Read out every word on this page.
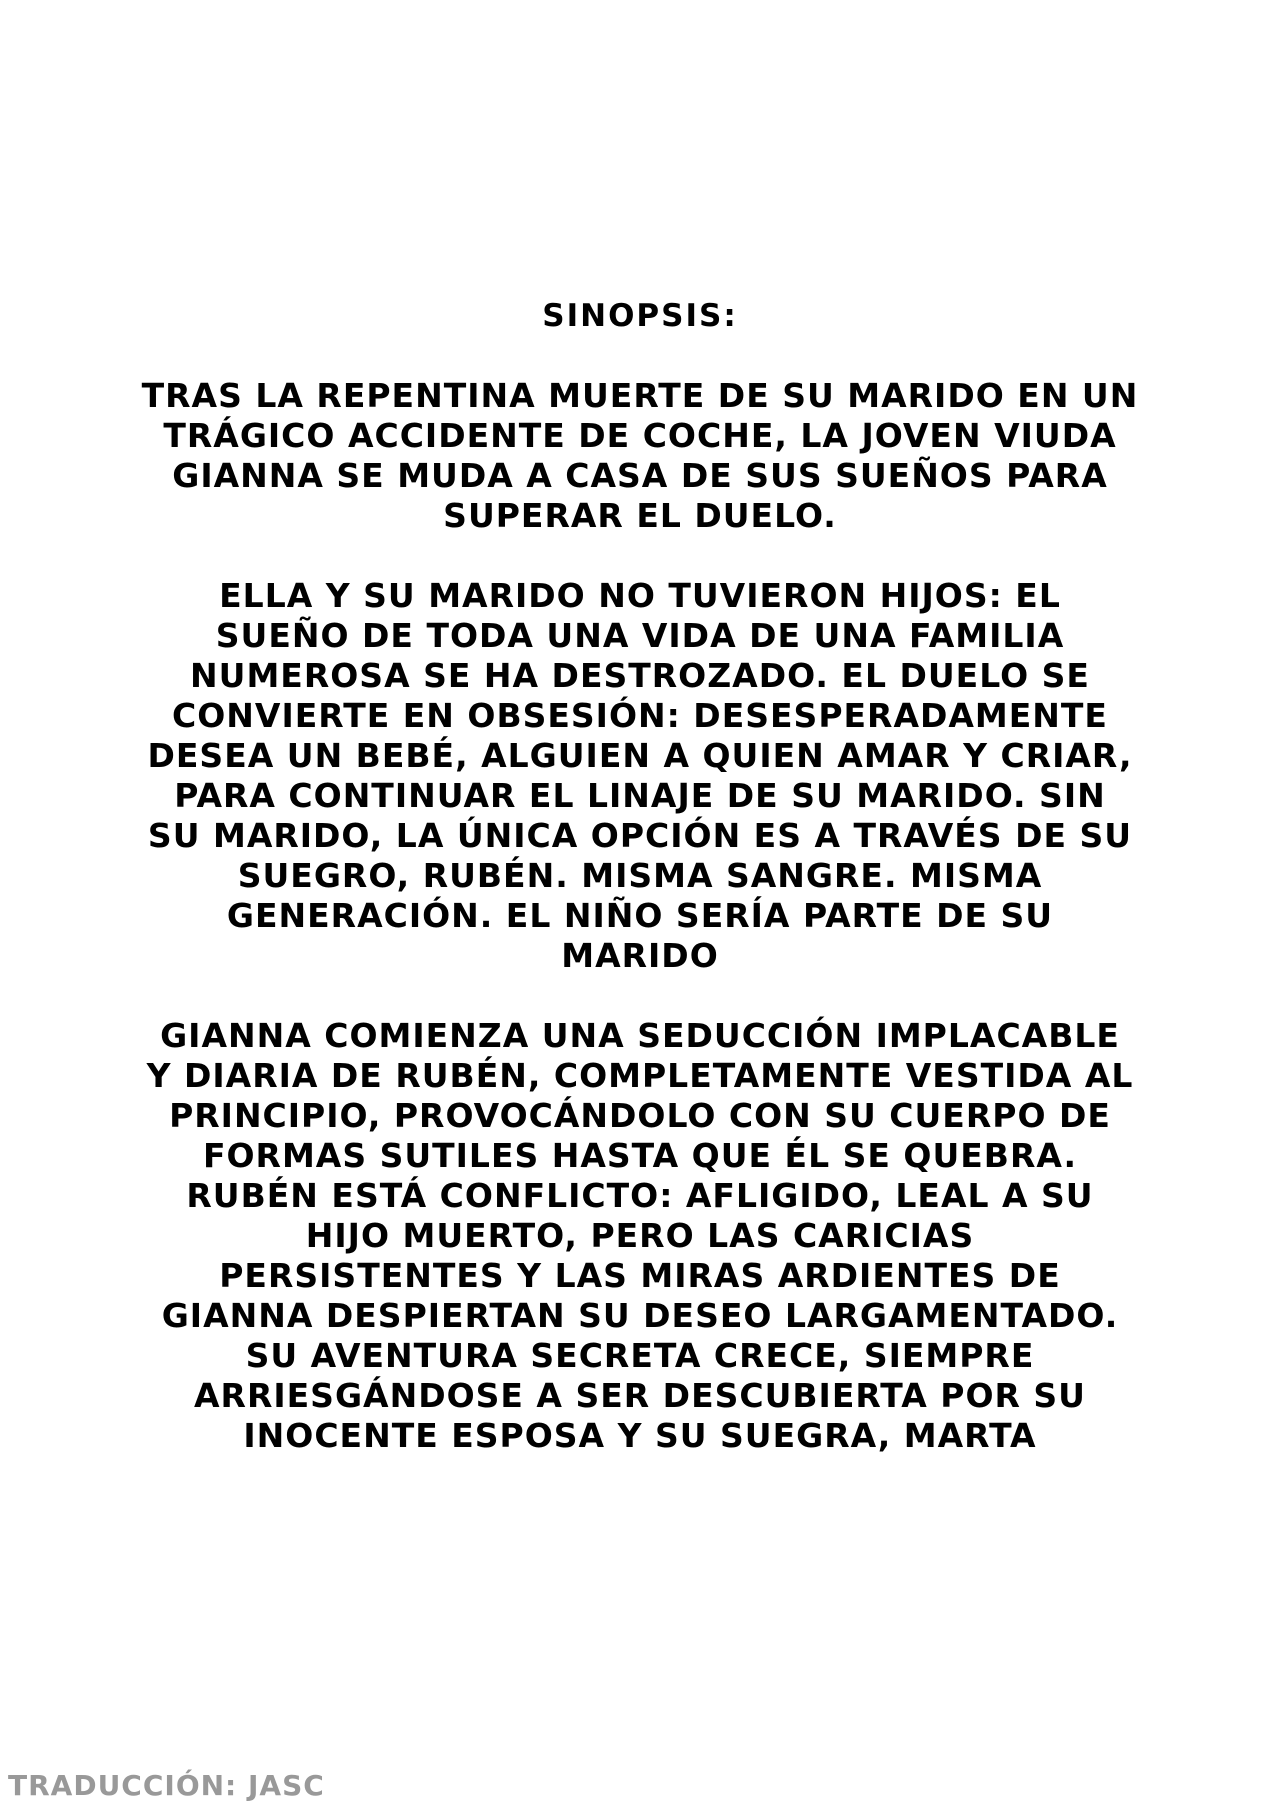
SINOPSIS:

TRAS LA REPENTINA MUERTE DE SU MARIDO EN UN
TRÁGICO ACCIDENTE DE COCHE, LA JOVEN VIUDA
GIANNA SE MUDA A CASA DE SUS SUEÑOS PARA
SUPERAR EL DUELO.

ELLA Y SU MARIDO NO TUVIERON HIJOS: EL
SUEÑO DE TODA UNA VIDA DE UNA FAMILIA
NUMEROSA SE HA DESTROZADO. EL DUELO SE
CONVIERTE EN OBSESIÓN: DESESPERADAMENTE
DESEA UN BEBÉ, ALGUIEN A QUIEN AMAR Y CRIAR,
PARA CONTINUAR EL LINAJE DE SU MARIDO. SIN
SU MARIDO, LA ÚNICA OPCIÓN ES A TRAVÉS DE SU
SUEGRO, RUBÉN. MISMA SANGRE. MISMA
GENERACIÓN. EL NIÑO SERÍA PARTE DE SU
MARIDO

GIANNA COMIENZA UNA SEDUCCIÓN IMPLACABLE
Y DIARIA DE RUBÉN, COMPLETAMENTE VESTIDA AL
PRINCIPIO, PROVOCÁNDOLO CON SU CUERPO DE
FORMAS SUTILES HASTA QUE ÉL SE QUEBRA.
RUBÉN ESTÁ CONFLICTO: AFLIGIDO, LEAL A SU
HIJO MUERTO, PERO LAS CARICIAS
PERSISTENTES Y LAS MIRAS ARDIENTES DE
GIANNA DESPIERTAN SU DESEO LARGAMENTADO.
SU AVENTURA SECRETA CRECE, SIEMPRE
ARRIESGÁNDOSE A SER DESCUBIERTA POR SU
INOCENTE ESPOSA Y SU SUEGRA, MARTA

TRADUCCIÓN: JASC
